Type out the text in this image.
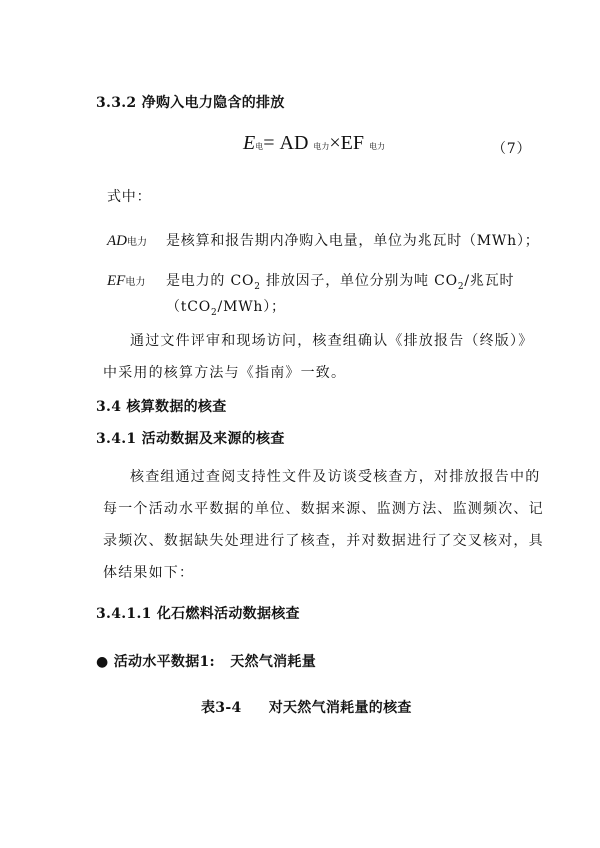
3.3.2 净购入电力隐含的排放
E电= AD 电力×EF 电力	（7）
式中：
AD电力 是核算和报告期内净购入电量，单位为兆瓦时（MWh）；
EF电力 是电力的 $CO_2$ 排放因子，单位分别为吨 $CO_2/$兆瓦时
（tCO$_2$/MWh）；
通过文件评审和现场访问，核查组确认《排放报告（终版）》
中采用的核算方法与《指南》一致。
3.4 核算数据的核查
3.4.1 活动数据及来源的核查
核查组通过查阅支持性文件及访谈受核查方，对排放报告中的
每一个活动水平数据的单位、数据来源、监测方法、监测频次、记
录频次、数据缺失处理进行了核查，并对数据进行了交叉核对，具
体结果如下：
3.4.1.1 化石燃料活动数据核查
● 活动水平数据1: 天然气消耗量
表3-4 对天然气消耗量的核查
